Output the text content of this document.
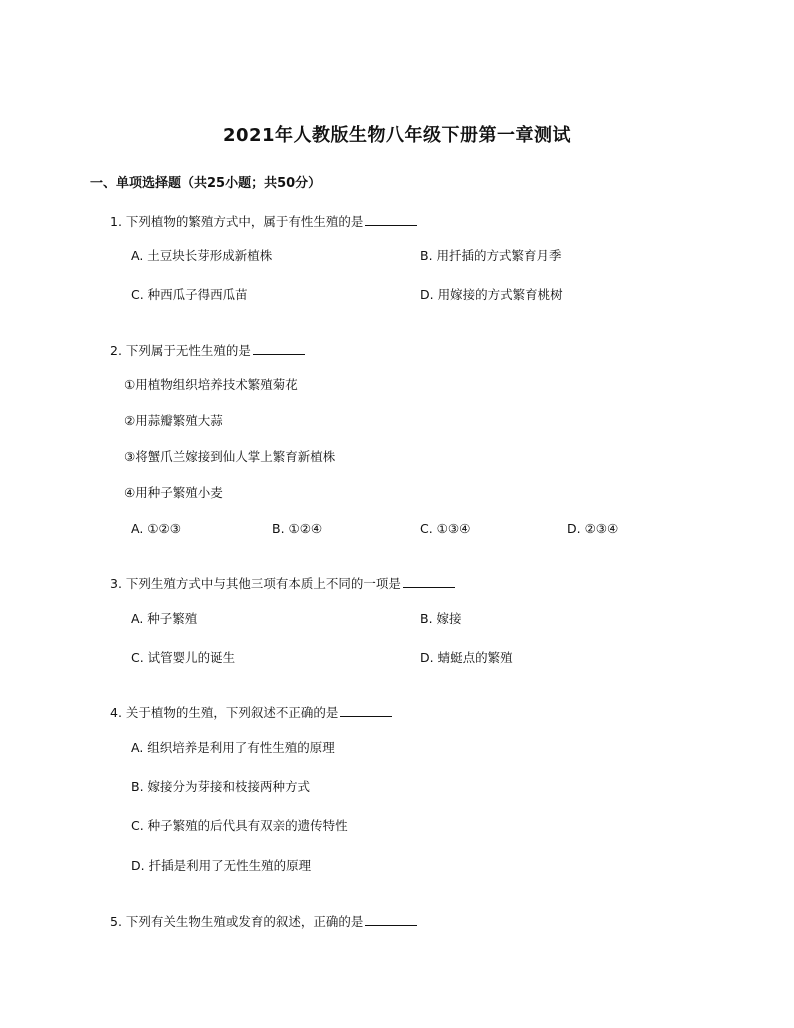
2021年人教版生物八年级下册第一章测试
一、单项选择题（共25小题；共50分）
1. 下列植物的繁殖方式中，属于有性生殖的是
A. 土豆块长芽形成新植株	B. 用扦插的方式繁育月季
C. 种西瓜子得西瓜苗	D. 用嫁接的方式繁育桃树
2. 下列属于无性生殖的是
①用植物组织培养技术繁殖菊花
②用蒜瓣繁殖大蒜
③将蟹爪兰嫁接到仙人掌上繁育新植株
④用种子繁殖小麦
A. ①②③	B. ①②④	C. ①③④	D. ②③④
3. 下列生殖方式中与其他三项有本质上不同的一项是
A. 种子繁殖	B. 嫁接
C. 试管婴儿的诞生	D. 蜻蜓点的繁殖
4. 关于植物的生殖，下列叙述不正确的是
A. 组织培养是利用了有性生殖的原理
B. 嫁接分为芽接和枝接两种方式
C. 种子繁殖的后代具有双亲的遗传特性
D. 扦插是利用了无性生殖的原理
5. 下列有关生物生殖或发育的叙述，正确的是
